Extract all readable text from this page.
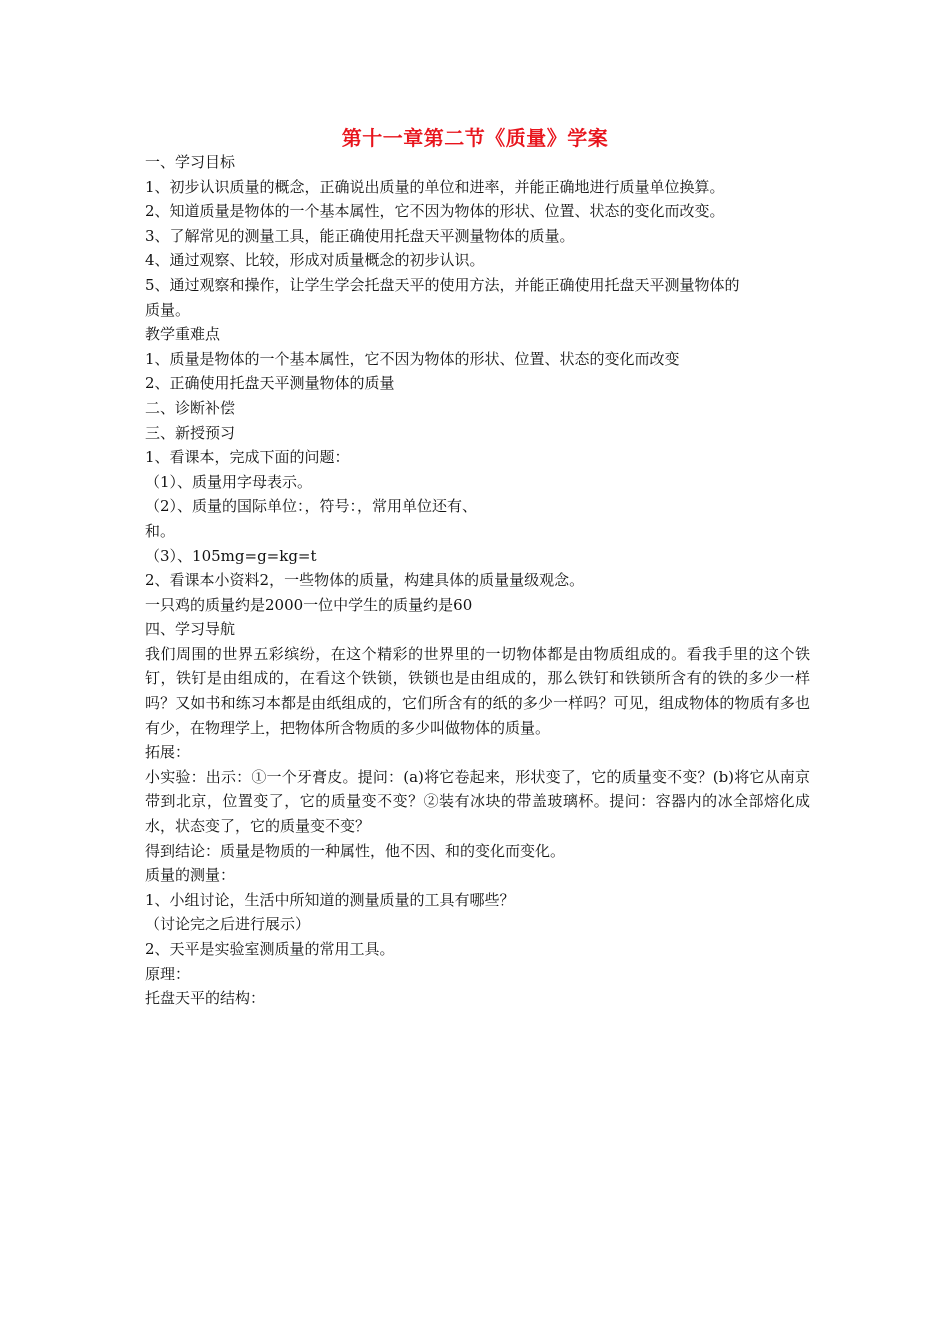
第十一章第二节《质量》学案
一、学习目标
1、初步认识质量的概念，正确说出质量的单位和进率，并能正确地进行质量单位换算。
2、知道质量是物体的一个基本属性，它不因为物体的形状、位置、状态的变化而改变。
3、了解常见的测量工具，能正确使用托盘天平测量物体的质量。
4、通过观察、比较，形成对质量概念的初步认识。
5、通过观察和操作，让学生学会托盘天平的使用方法，并能正确使用托盘天平测量物体的
质量。
教学重难点
1、质量是物体的一个基本属性，它不因为物体的形状、位置、状态的变化而改变
2、正确使用托盘天平测量物体的质量
二、诊断补偿
三、新授预习
1、看课本，完成下面的问题：
（1）、质量用字母表示。
（2）、质量的国际单位：，符号：，常用单位还有、
和。
（3）、105mg=g=kg=t
2、看课本小资料2，一些物体的质量，构建具体的质量量级观念。
一只鸡的质量约是2000一位中学生的质量约是60
四、学习导航
我们周围的世界五彩缤纷，在这个精彩的世界里的一切物体都是由物质组成的。看我手里的这个铁钉，铁钉是由组成的，在看这个铁锁，铁锁也是由组成的，那么铁钉和铁锁所含有的铁的多少一样吗？又如书和练习本都是由纸组成的，它们所含有的纸的多少一样吗？可见，组成物体的物质有多也有少，在物理学上，把物体所含物质的多少叫做物体的质量。
拓展：
小实验：出示：①一个牙膏皮。提问：(a)将它卷起来，形状变了，它的质量变不变？(b)将它从南京带到北京，位置变了，它的质量变不变？②装有冰块的带盖玻璃杯。提问：容器内的冰全部熔化成水，状态变了，它的质量变不变？
得到结论：质量是物质的一种属性，他不因、和的变化而变化。
质量的测量：
1、小组讨论，生活中所知道的测量质量的工具有哪些？
（讨论完之后进行展示）
2、天平是实验室测质量的常用工具。
原理：
托盘天平的结构：
